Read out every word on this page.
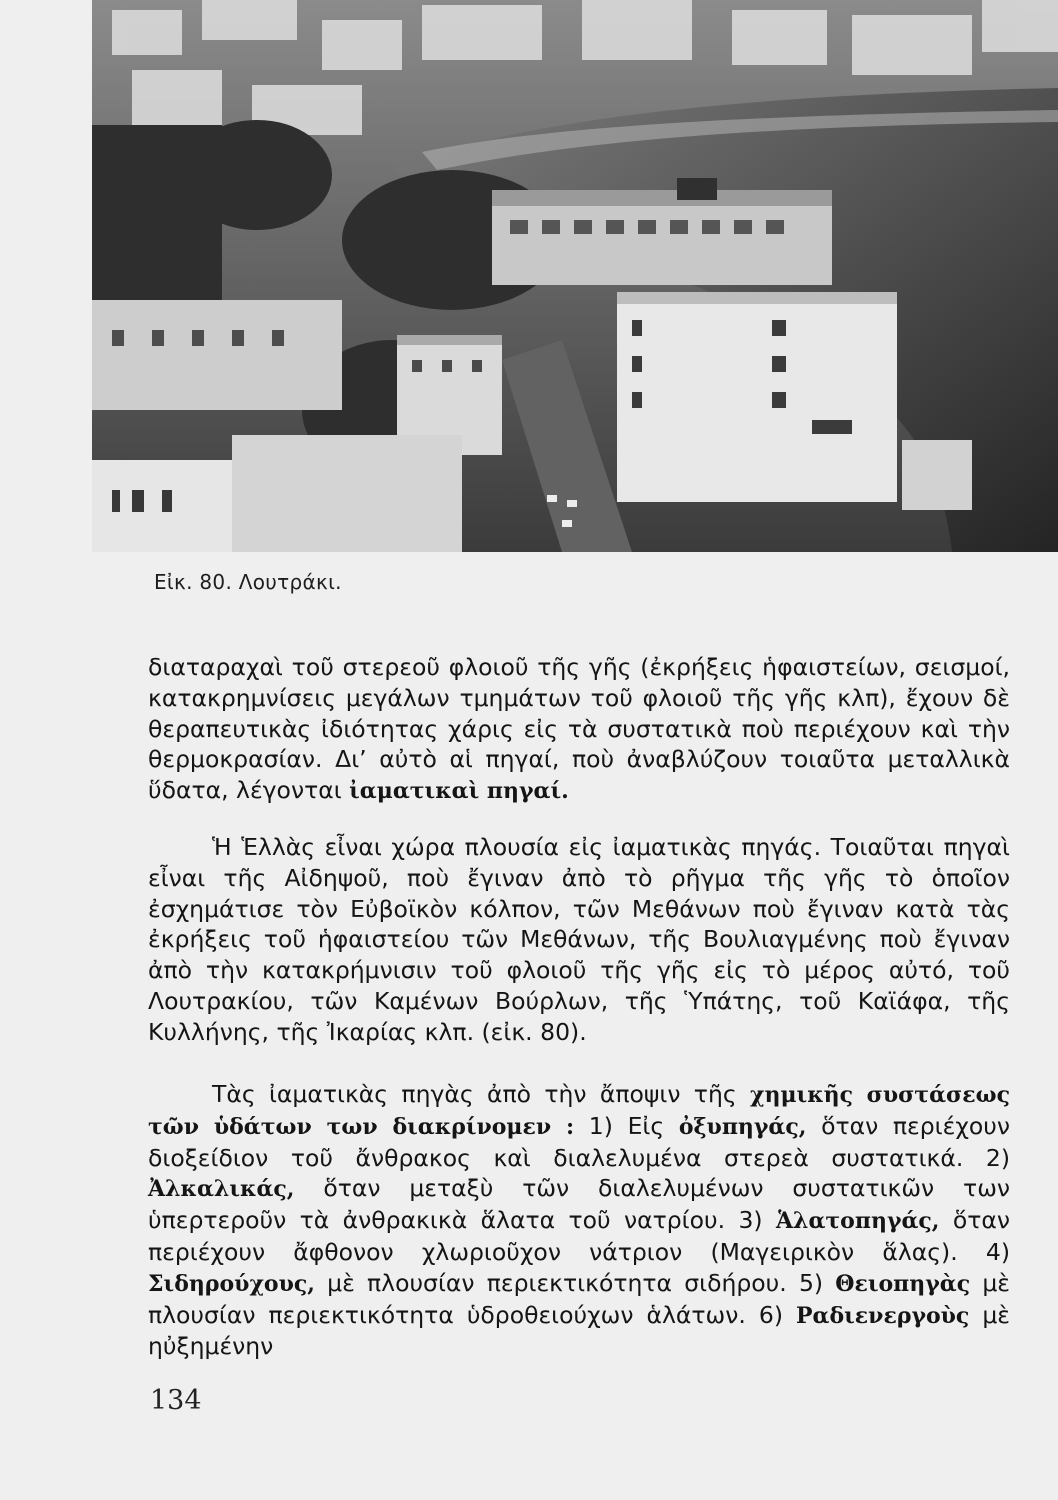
Εἰκ. 80. Λουτράκι.

διαταραχαὶ τοῦ στερεοῦ φλοιοῦ τῆς γῆς (ἐκρήξεις ἡφαιστείων, σεισμοί, κατακρημνίσεις μεγάλων τμημάτων τοῦ φλοιοῦ τῆς γῆς κλπ), ἔχουν δὲ θεραπευτικὰς ἰδιότητας χάρις εἰς τὰ συστατικὰ ποὺ περιέχουν καὶ τὴν θερμοκρασίαν. Δι’ αὐτὸ αἱ πηγαί, ποὺ ἀναβλύζουν τοιαῦτα μεταλλικὰ ὕδατα, λέγονται ἰαματικαὶ πηγαί.

Ἡ Ἑλλὰς εἶναι χώρα πλουσία εἰς ἰαματικὰς πηγάς. Τοιαῦται πηγαὶ εἶναι τῆς Αἰδηψοῦ, ποὺ ἔγιναν ἀπὸ τὸ ρῆγμα τῆς γῆς τὸ ὁποῖον ἐσχημάτισε τὸν Εὐβοϊκὸν κόλπον, τῶν Μεθάνων ποὺ ἔγιναν κατὰ τὰς ἐκρήξεις τοῦ ἡφαιστείου τῶν Μεθάνων, τῆς Βουλιαγμένης ποὺ ἔγιναν ἀπὸ τὴν κατακρήμνισιν τοῦ φλοιοῦ τῆς γῆς εἰς τὸ μέρος αὐτό, τοῦ Λουτρακίου, τῶν Καμένων Βούρλων, τῆς Ὑπάτης, τοῦ Καϊάφα, τῆς Κυλλήνης, τῆς Ἰκαρίας κλπ. (εἰκ. 80).

Τὰς ἰαματικὰς πηγὰς ἀπὸ τὴν ἄποψιν τῆς χημικῆς συστάσεως τῶν ὑδάτων των διακρίνομεν : 1) Εἰς ὀξυπηγάς, ὅταν περιέχουν διοξείδιον τοῦ ἄνθρακος καὶ διαλελυμένα στερεὰ συστατικά. 2) Ἀλκαλικάς, ὅταν μεταξὺ τῶν διαλελυμένων συστατικῶν των ὑπερτεροῦν τὰ ἀνθρακικὰ ἅλατα τοῦ νατρίου. 3) Ἁλατοπηγάς, ὅταν περιέχουν ἄφθονον χλωριοῦχον νάτριον (Μαγειρικὸν ἅλας). 4) Σιδηρούχους, μὲ πλουσίαν περιεκτικότητα σιδήρου. 5) Θειοπηγὰς μὲ πλουσίαν περιεκτικότητα ὑδροθειούχων ἁλάτων. 6) Ραδιενεργοὺς μὲ ηὐξημένην

134
